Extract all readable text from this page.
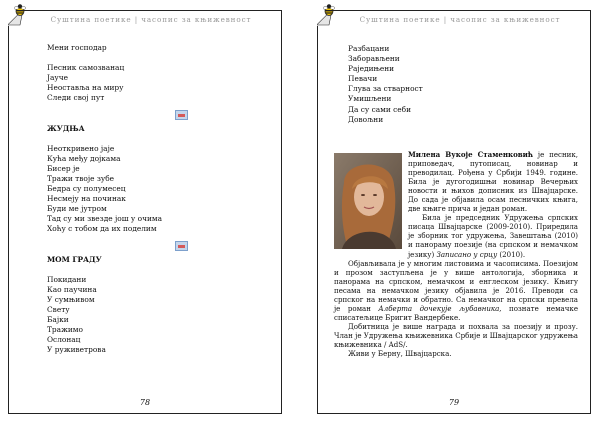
Суштина поетике | часопис за књижевност
Мени господар

Песник самозванац
Јауче
Неоставља на миру
Следи свој пут
ЖУДЊА
Неоткривено јаје
Кућа међу дојкама
Бисер је
Тражи твоје зубе
Бедра су полумесец
Несмеју на починак
Буди ме јутром
Тад су ми звезде још у очима
Хоћу с тобом да их поделим
МОМ ГРАДУ
Покидани
Као паучина
У сумњивом
Свету
Бајки
Тражимо
Ослонац
У руживетрова
78
Суштина поетике | часопис за књижевност
Разбацани
Заборављени
Раједињени
Певачи
Глува за стварност
Умишљени
Да су сами себи
Довољни

Милена Вукоје Стаменковић је песник, приповедач, путописац, новинар и преводилац. Рођена у Србији 1949. године. Била је дугогодишњи новинар Вечерњих новости и њихов дописник из Швајцарске. До сада је објавила осам песничких књига, две књиге прича и један роман.

Била је председник Удружења српских писаца Швајцарске (2009-2010). Приредила је зборник тог удружења, Завештања (2010) и панораму поезије (на српском и немачком језику) Записано у срцу (2010).

Објављивала је у многим листовима и часописима. Поезијом и прозом заступљена је у више антологија, зборника и панорама на српском, немачком и енглеском језику. Књигу песама на немачком језику објавила је 2016. Преводи са српског на немачки и обратно. Са немачког на српски превела је роман Алберта дочекује љубавника, познате немачке списатељице Бригит Вандербеке.

Добитница је више награда и похвала за поезију и прозу. Члан је Удружења књижевника Србије и Швајцарског удружења књижевника / AdS/.

Живи у Берну, Швајцарска.

79
